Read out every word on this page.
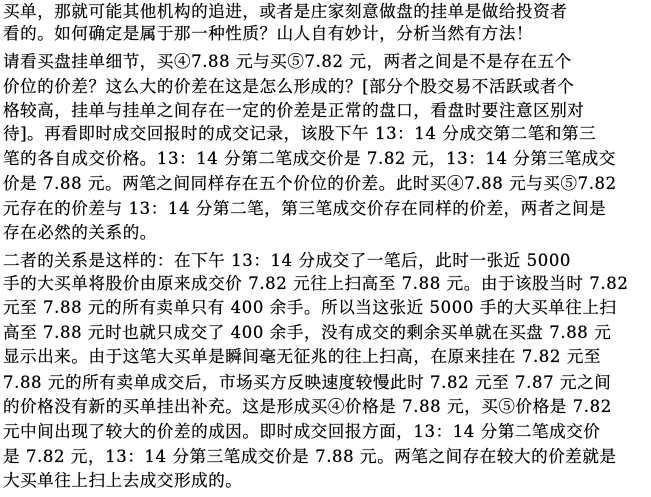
买单，那就可能其他机构的追进，或者是庄家刻意做盘的挂单是做给投资者
看的。如何确定是属于那一种性质？山人自有妙计，分析当然有方法！
请看买盘挂单细节，买④7.88 元与买⑤7.82 元，两者之间是不是存在五个
价位的价差？这么大的价差在这是怎么形成的？[部分个股交易不活跃或者个
格较高，挂单与挂单之间存在一定的价差是正常的盘口，看盘时要注意区别对
待]。再看即时成交回报时的成交记录，该股下午 13：14 分成交第二笔和第三
笔的各自成交价格。13：14 分第二笔成交价是 7.82 元，13：14 分第三笔成交
价是 7.88 元。两笔之间同样存在五个价位的价差。此时买④7.88 元与买⑤7.82
元存在的价差与 13：14 分第二笔，第三笔成交价存在同样的价差，两者之间是
存在必然的关系的。
二者的关系是这样的：在下午 13：14 分成交了一笔后，此时一张近 5000
手的大买单将股价由原来成交价 7.82 元往上扫高至 7.88 元。由于该股当时 7.82
元至 7.88 元的所有卖单只有 400 余手。所以当这张近 5000 手的大买单往上扫
高至 7.88 元时也就只成交了 400 余手，没有成交的剩余买单就在买盘 7.88 元
显示出来。由于这笔大买单是瞬间毫无征兆的往上扫高，在原来挂在 7.82 元至
7.88 元的所有卖单成交后，市场买方反映速度较慢此时 7.82 元至 7.87 元之间
的价格没有新的买单挂出补充。这是形成买④价格是 7.88 元，买⑤价格是 7.82
元中间出现了较大的价差的成因。即时成交回报方面，13：14 分第二笔成交价
是 7.82 元，13：14 分第三笔成交价是 7.88 元。两笔之间存在较大的价差就是
大买单往上扫上去成交形成的。
